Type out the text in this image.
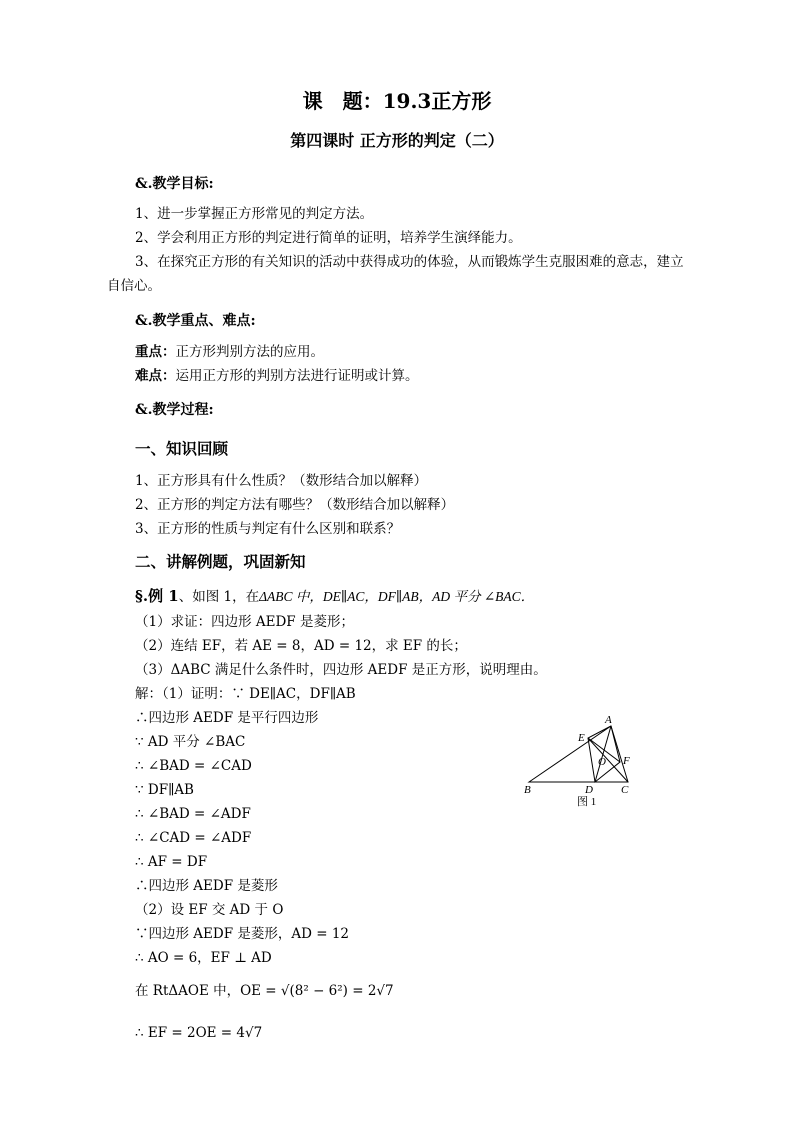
课　题：19.3正方形
第四课时 正方形的判定（二）
&.教学目标:
1、进一步掌握正方形常见的判定方法。
2、学会利用正方形的判定进行简单的证明，培养学生演绎能力。
3、在探究正方形的有关知识的活动中获得成功的体验，从而锻炼学生克服困难的意志，建立
自信心。
&.教学重点、难点:
重点：正方形判别方法的应用。
难点：运用正方形的判别方法进行证明或计算。
&.教学过程:
一、知识回顾
1、正方形具有什么性质？（数形结合加以解释）
2、正方形的判定方法有哪些？（数形结合加以解释）
3、正方形的性质与判定有什么区别和联系？
二、讲解例题，巩固新知
§.例 1、如图 1，在ΔABC 中，DE∥AC，DF∥AB，AD 平分 ∠BAC．
（1）求证：四边形 AEDF 是菱形；
（2）连结 EF，若 AE = 8，AD = 12，求 EF 的长；
（3）ΔABC 满足什么条件时，四边形 AEDF 是正方形，说明理由。
解：（1）证明：∵ DE∥AC，DF∥AB
∴四边形 AEDF 是平行四边形
∵ AD 平分 ∠BAC
∴ ∠BAD = ∠CAD
∵ DF∥AB
∴ ∠BAD = ∠ADF
∴ ∠CAD = ∠ADF
∴ AF = DF
∴四边形 AEDF 是菱形
（2）设 EF 交 AD 于 O
∵四边形 AEDF 是菱形，AD = 12
∴ AO = 6，EF ⊥ AD
在 RtΔAOE 中，OE = √(8² − 6²) = 2√7
∴ EF = 2OE = 4√7
A
E
O F
B	D	C
图 1
